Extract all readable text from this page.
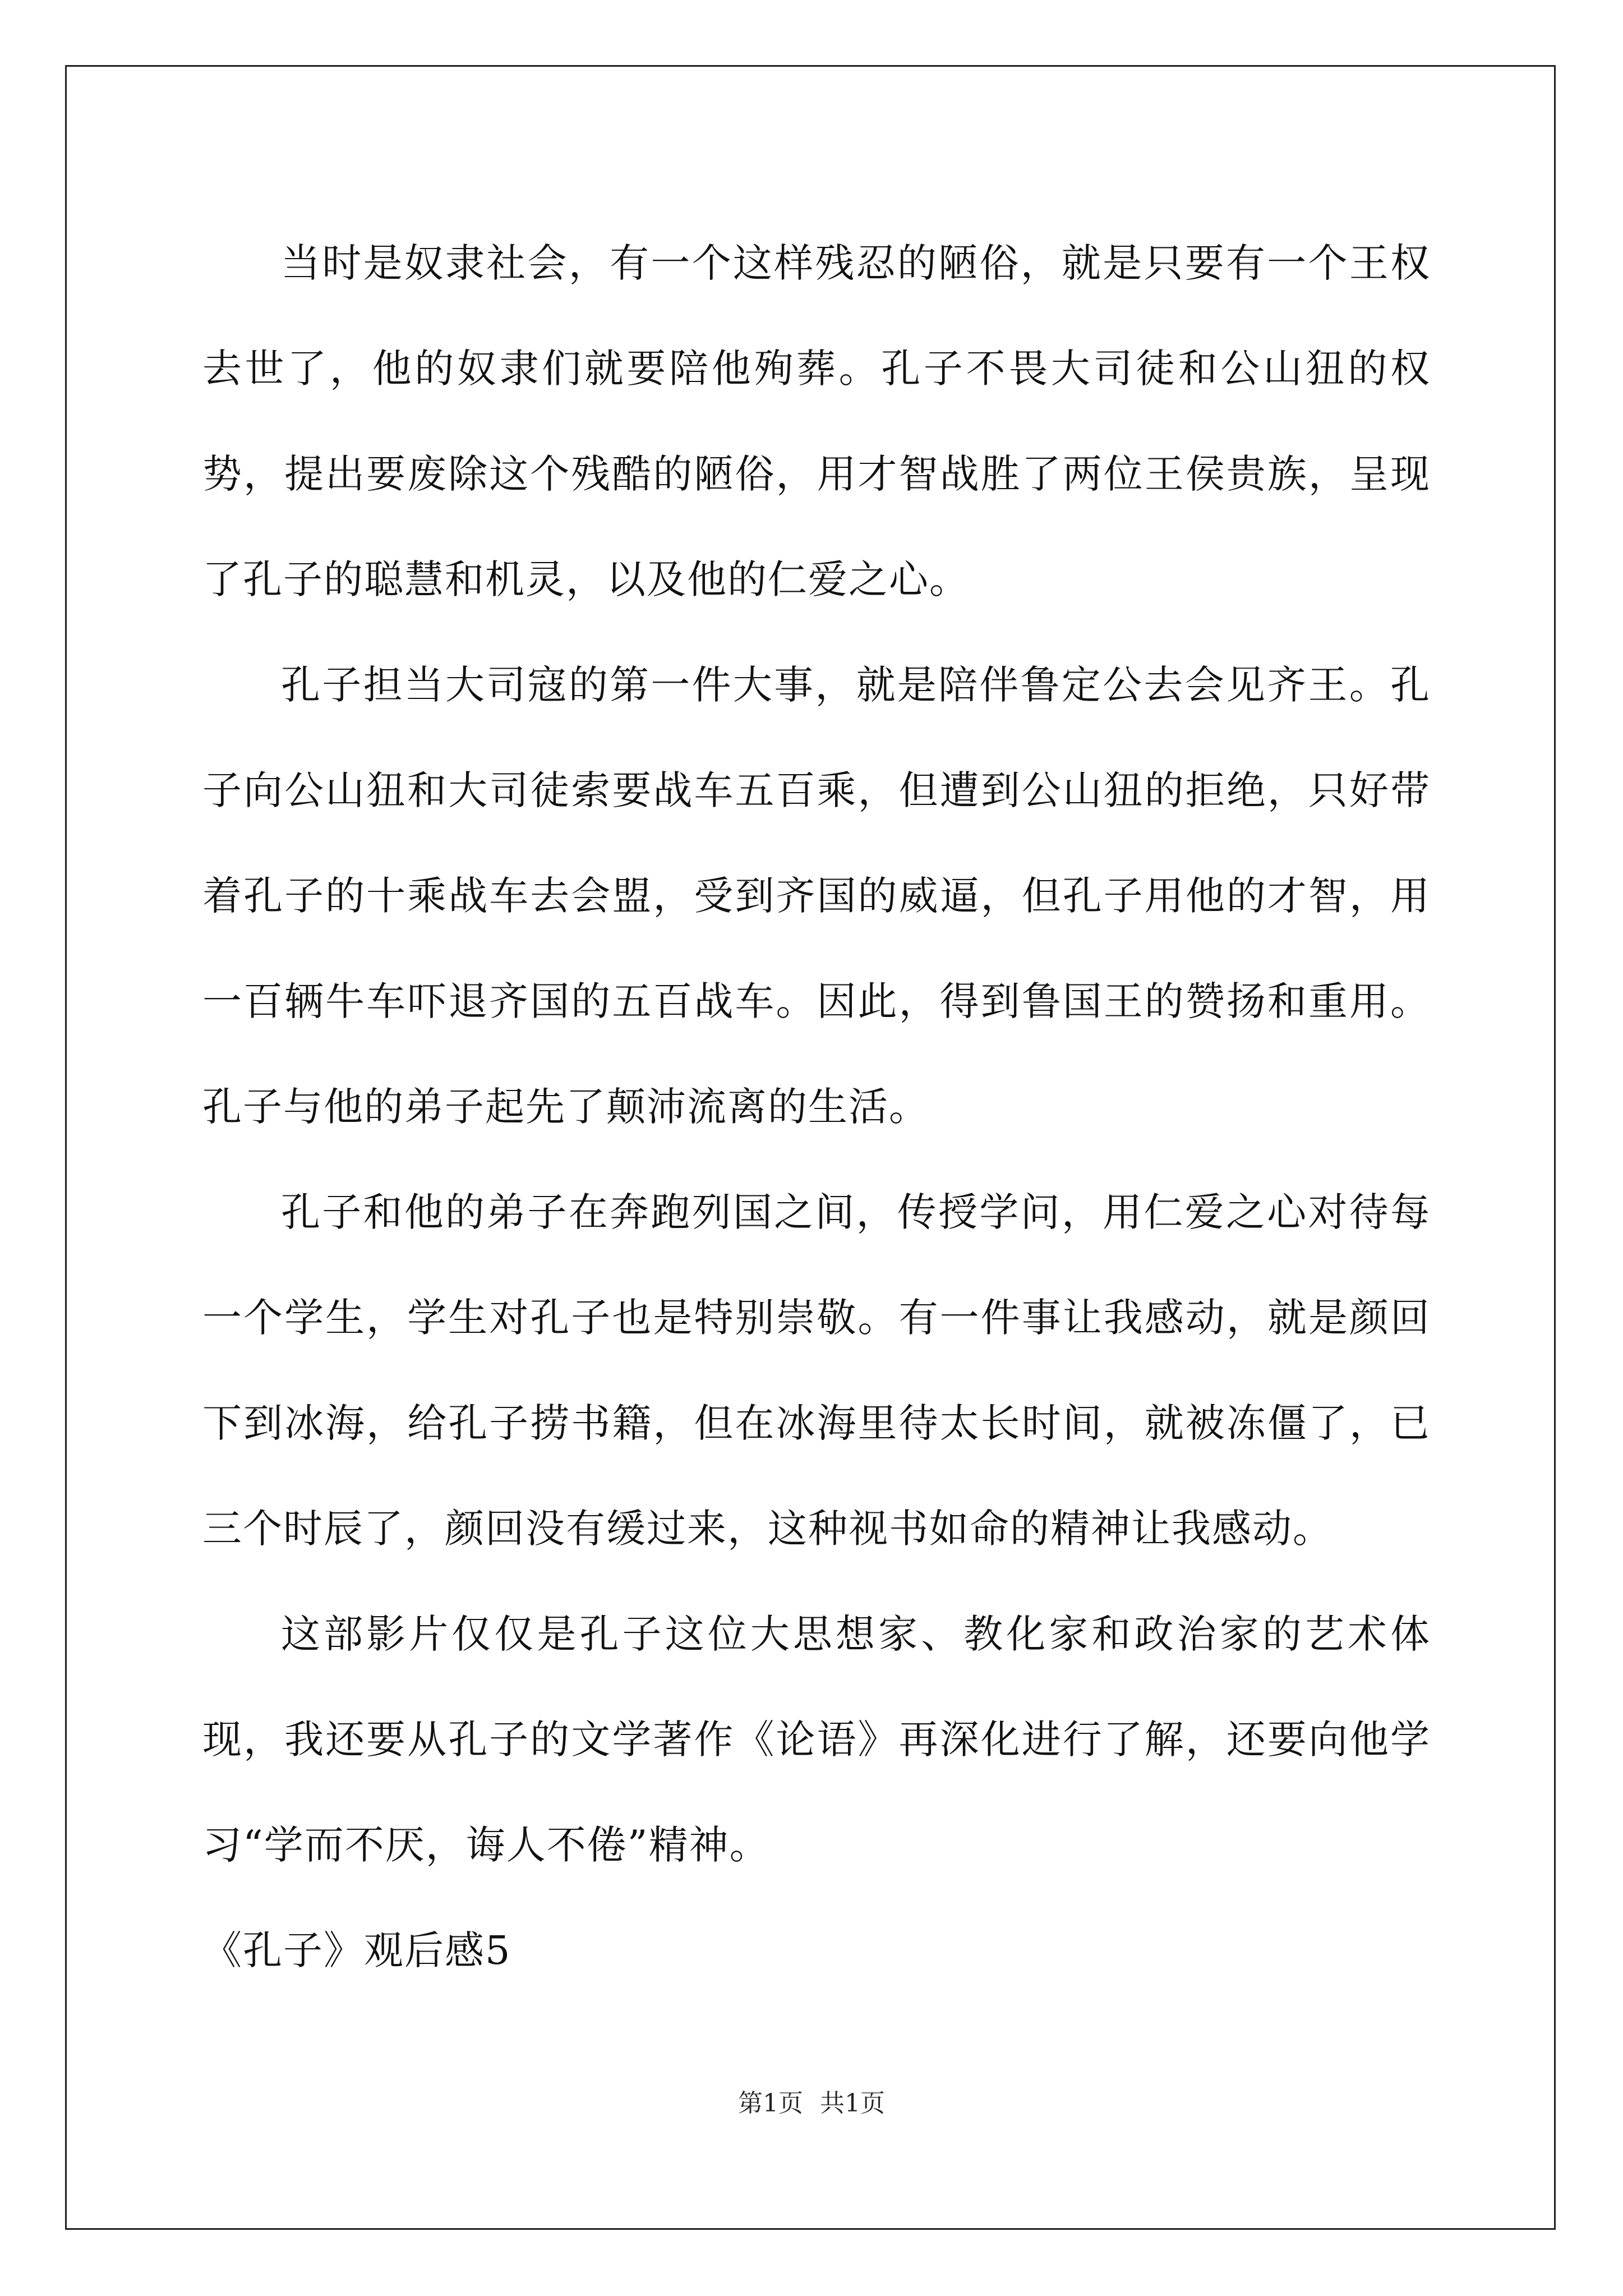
当时是奴隶社会，有一个这样残忍的陋俗，就是只要有一个王权去世了，他的奴隶们就要陪他殉葬。孔子不畏大司徒和公山狃的权势，提出要废除这个残酷的陋俗，用才智战胜了两位王侯贵族，呈现了孔子的聪慧和机灵，以及他的仁爱之心。

孔子担当大司寇的第一件大事，就是陪伴鲁定公去会见齐王。孔子向公山狃和大司徒索要战车五百乘，但遭到公山狃的拒绝，只好带着孔子的十乘战车去会盟，受到齐国的威逼，但孔子用他的才智，用一百辆牛车吓退齐国的五百战车。因此，得到鲁国王的赞扬和重用。孔子与他的弟子起先了颠沛流离的生活。

孔子和他的弟子在奔跑列国之间，传授学问，用仁爱之心对待每一个学生，学生对孔子也是特别崇敬。有一件事让我感动，就是颜回下到冰海，给孔子捞书籍，但在冰海里待太长时间，就被冻僵了，已三个时辰了，颜回没有缓过来，这种视书如命的精神让我感动。

这部影片仅仅是孔子这位大思想家、教化家和政治家的艺术体现，我还要从孔子的文学著作《论语》再深化进行了解，还要向他学习“学而不厌，诲人不倦”精神。

《孔子》观后感5

第1页 共1页
